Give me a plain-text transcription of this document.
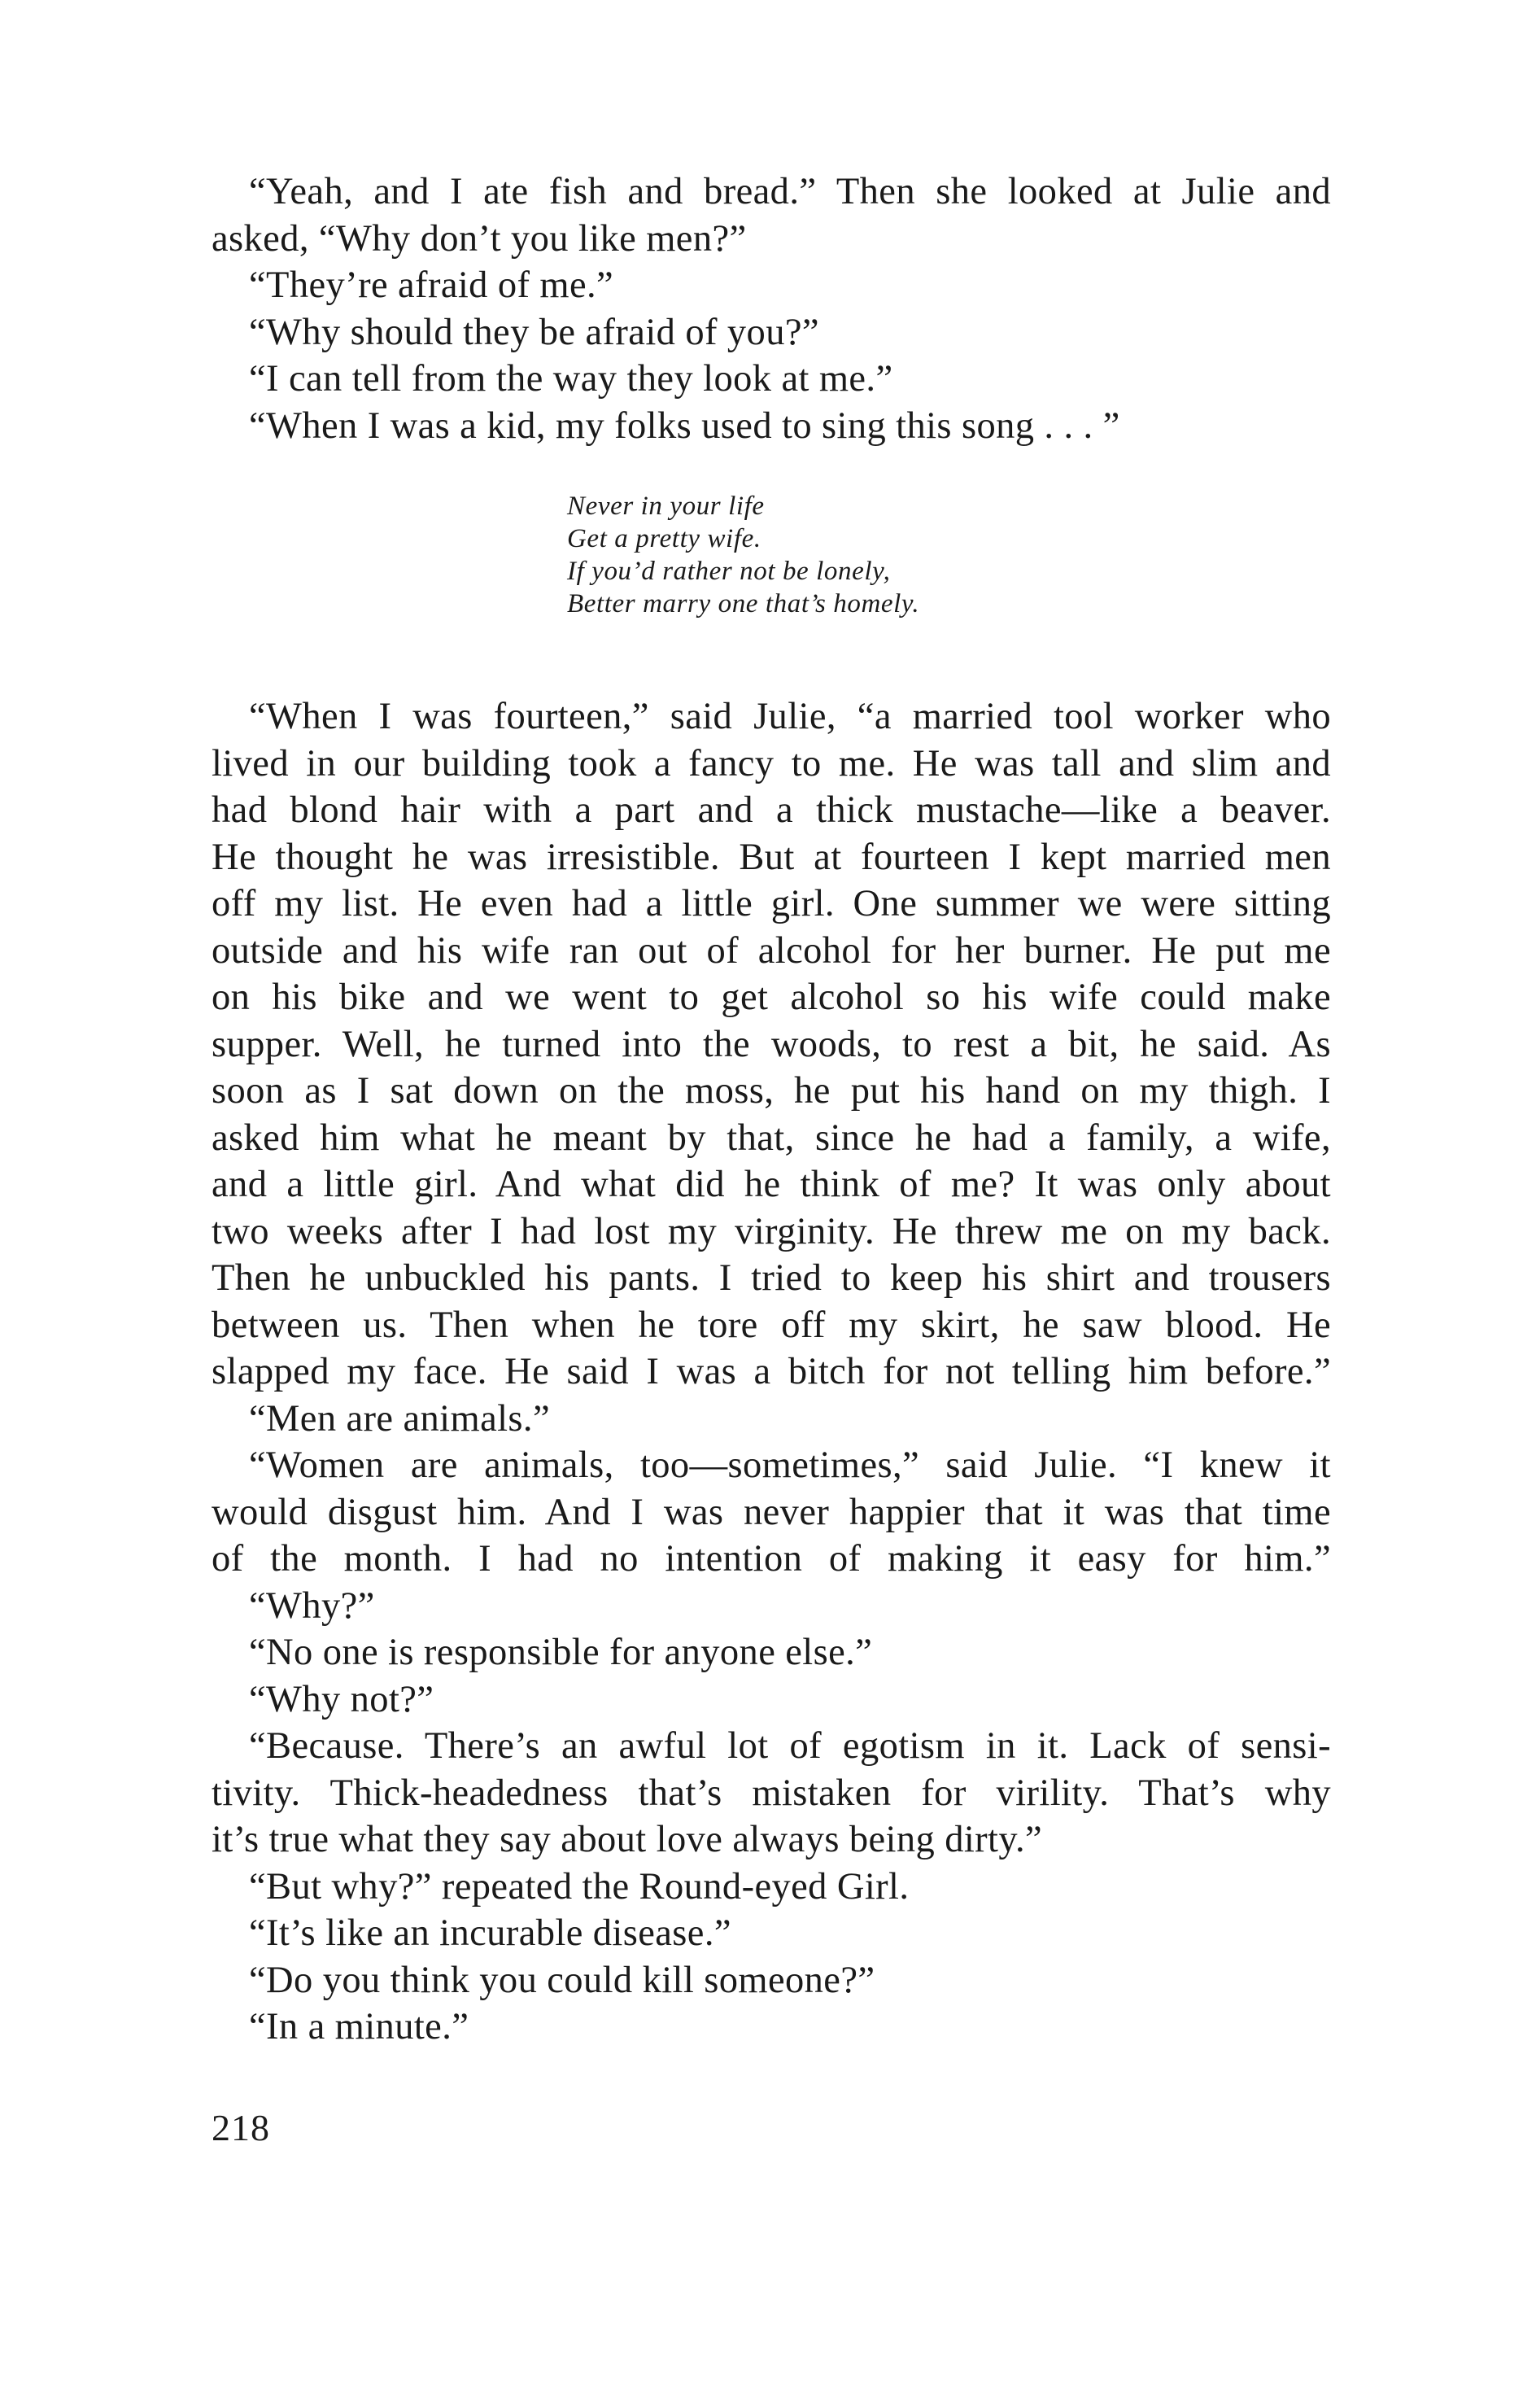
“Yeah, and I ate fish and bread.” Then she looked at Julie and
asked, “Why don’t you like men?”
“They’re afraid of me.”
“Why should they be afraid of you?”
“I can tell from the way they look at me.”
“When I was a kid, my folks used to sing this song . . . ”
Never in your life
Get a pretty wife.
If you’d rather not be lonely,
Better marry one that’s homely.
“When I was fourteen,” said Julie, “a married tool worker who
lived in our building took a fancy to me. He was tall and slim and
had blond hair with a part and a thick mustache—like a beaver.
He thought he was irresistible. But at fourteen I kept married men
off my list. He even had a little girl. One summer we were sitting
outside and his wife ran out of alcohol for her burner. He put me
on his bike and we went to get alcohol so his wife could make
supper. Well, he turned into the woods, to rest a bit, he said. As
soon as I sat down on the moss, he put his hand on my thigh. I
asked him what he meant by that, since he had a family, a wife,
and a little girl. And what did he think of me? It was only about
two weeks after I had lost my virginity. He threw me on my back.
Then he unbuckled his pants. I tried to keep his shirt and trousers
between us. Then when he tore off my skirt, he saw blood. He
slapped my face. He said I was a bitch for not telling him before.”
“Men are animals.”
“Women are animals, too—sometimes,” said Julie. “I knew it
would disgust him. And I was never happier that it was that time
of the month. I had no intention of making it easy for him.”
“Why?”
“No one is responsible for anyone else.”
“Why not?”
“Because. There’s an awful lot of egotism in it. Lack of sensi-
tivity. Thick-headedness that’s mistaken for virility. That’s why
it’s true what they say about love always being dirty.”
“But why?” repeated the Round-eyed Girl.
“It’s like an incurable disease.”
“Do you think you could kill someone?”
“In a minute.”
218
